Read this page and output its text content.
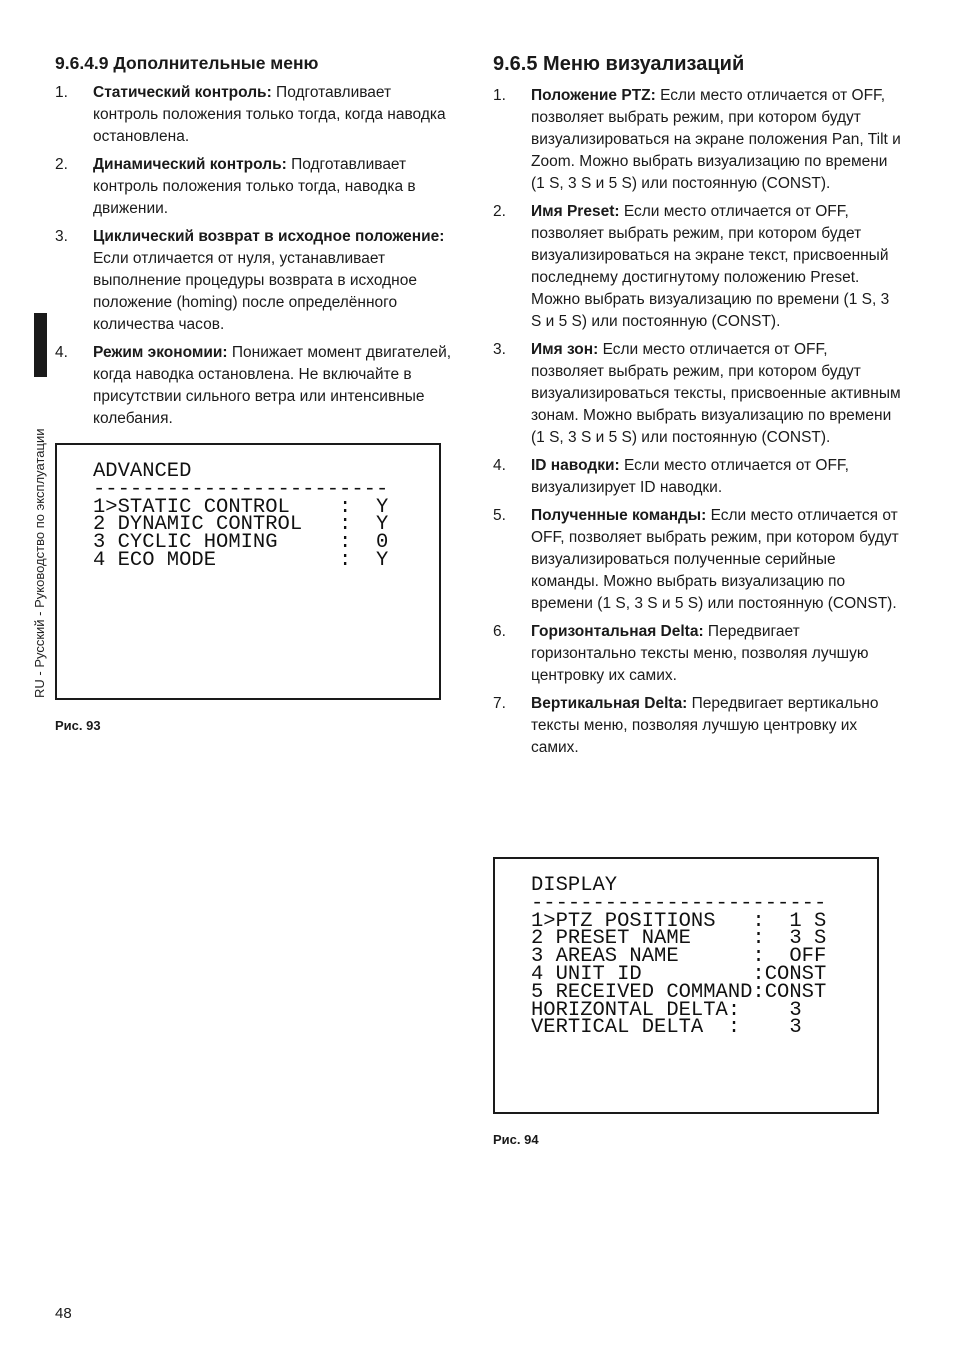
RU - Русский - Руководство по эксплуатации
9.6.4.9 Дополнительные меню
1. Статический контроль: Подготавливает контроль положения только тогда, когда наводка остановлена.
2. Динамический контроль: Подготавливает контроль положения только тогда, наводка в движении.
3. Циклический возврат в исходное положение: Если отличается от нуля, устанавливает выполнение процедуры возврата в исходное положение (homing) после определённого количества часов.
4. Режим экономии: Понижает момент двигателей, когда наводка остановлена. Не включайте в присутствии сильного ветра или интенсивные колебания.
ADVANCED
------------------------
1>STATIC CONTROL    :  Y
2 DYNAMIC CONTROL   :  Y
3 CYCLIC HOMING     :  0
4 ECO MODE          :  Y
Рис. 93
9.6.5 Меню визуализаций
1. Положение PTZ: Если место отличается от OFF, позволяет выбрать режим, при котором будут визуализироваться на экране положения Pan, Tilt и Zoom. Можно выбрать визуализацию по времени (1 S, 3 S и 5 S) или постоянную (CONST).
2. Имя Preset: Если место отличается от OFF, позволяет выбрать режим, при котором будет визуализироваться на экране текст, присвоенный последнему достигнутому положению Preset. Можно выбрать визуализацию по времени (1 S, 3 S и 5 S) или постоянную (CONST).
3. Имя зон: Если место отличается от OFF, позволяет выбрать режим, при котором будут визуализироваться тексты, присвоенные активным зонам. Можно выбрать визуализацию по времени (1 S, 3 S и 5 S) или постоянную (CONST).
4. ID наводки: Если место отличается от OFF, визуализирует ID наводки.
5. Полученные команды: Если место отличается от OFF, позволяет выбрать режим, при котором будут визуализироваться полученные серийные команды. Можно выбрать визуализацию по времени (1 S, 3 S и 5 S) или постоянную (CONST).
6. Горизонтальная Delta: Передвигает горизонтально тексты меню, позволяя лучшую центровку их самих.
7. Вертикальная Delta: Передвигает вертикально тексты меню, позволяя лучшую центровку их самих.
DISPLAY
------------------------
1>PTZ POSITIONS   :  1 S
2 PRESET NAME     :  3 S
3 AREAS NAME      :  OFF
4 UNIT ID         :CONST
5 RECEIVED COMMAND:CONST
HORIZONTAL DELTA:    3
VERTICAL DELTA  :    3
Рис. 94
48
